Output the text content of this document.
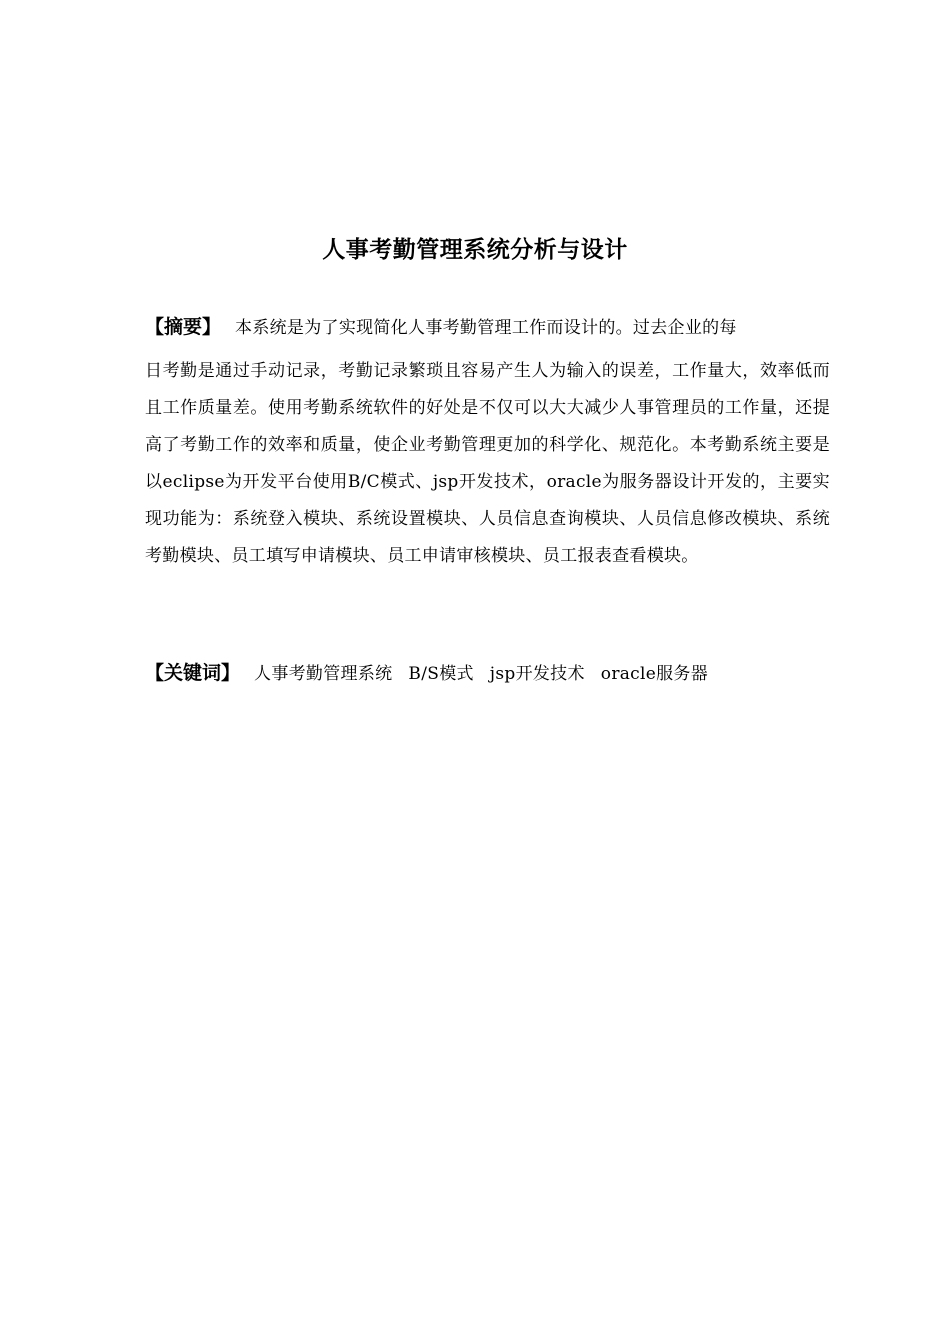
人事考勤管理系统分析与设计
【摘要】 本系统是为了实现简化人事考勤管理工作而设计的。过去企业的每
日考勤是通过手动记录，考勤记录繁琐且容易产生人为输入的误差，工作量大，效率低而且工作质量差。使用考勤系统软件的好处是不仅可以大大减少人事管理员的工作量，还提高了考勤工作的效率和质量，使企业考勤管理更加的科学化、规范化。本考勤系统主要是以eclipse为开发平台使用B/C模式、jsp开发技术，oracle为服务器设计开发的，主要实现功能为：系统登入模块、系统设置模块、人员信息查询模块、人员信息修改模块、系统考勤模块、员工填写申请模块、员工申请审核模块、员工报表查看模块。
【关键词】 人事考勤管理系统 B/S模式 jsp开发技术 oracle服务器
